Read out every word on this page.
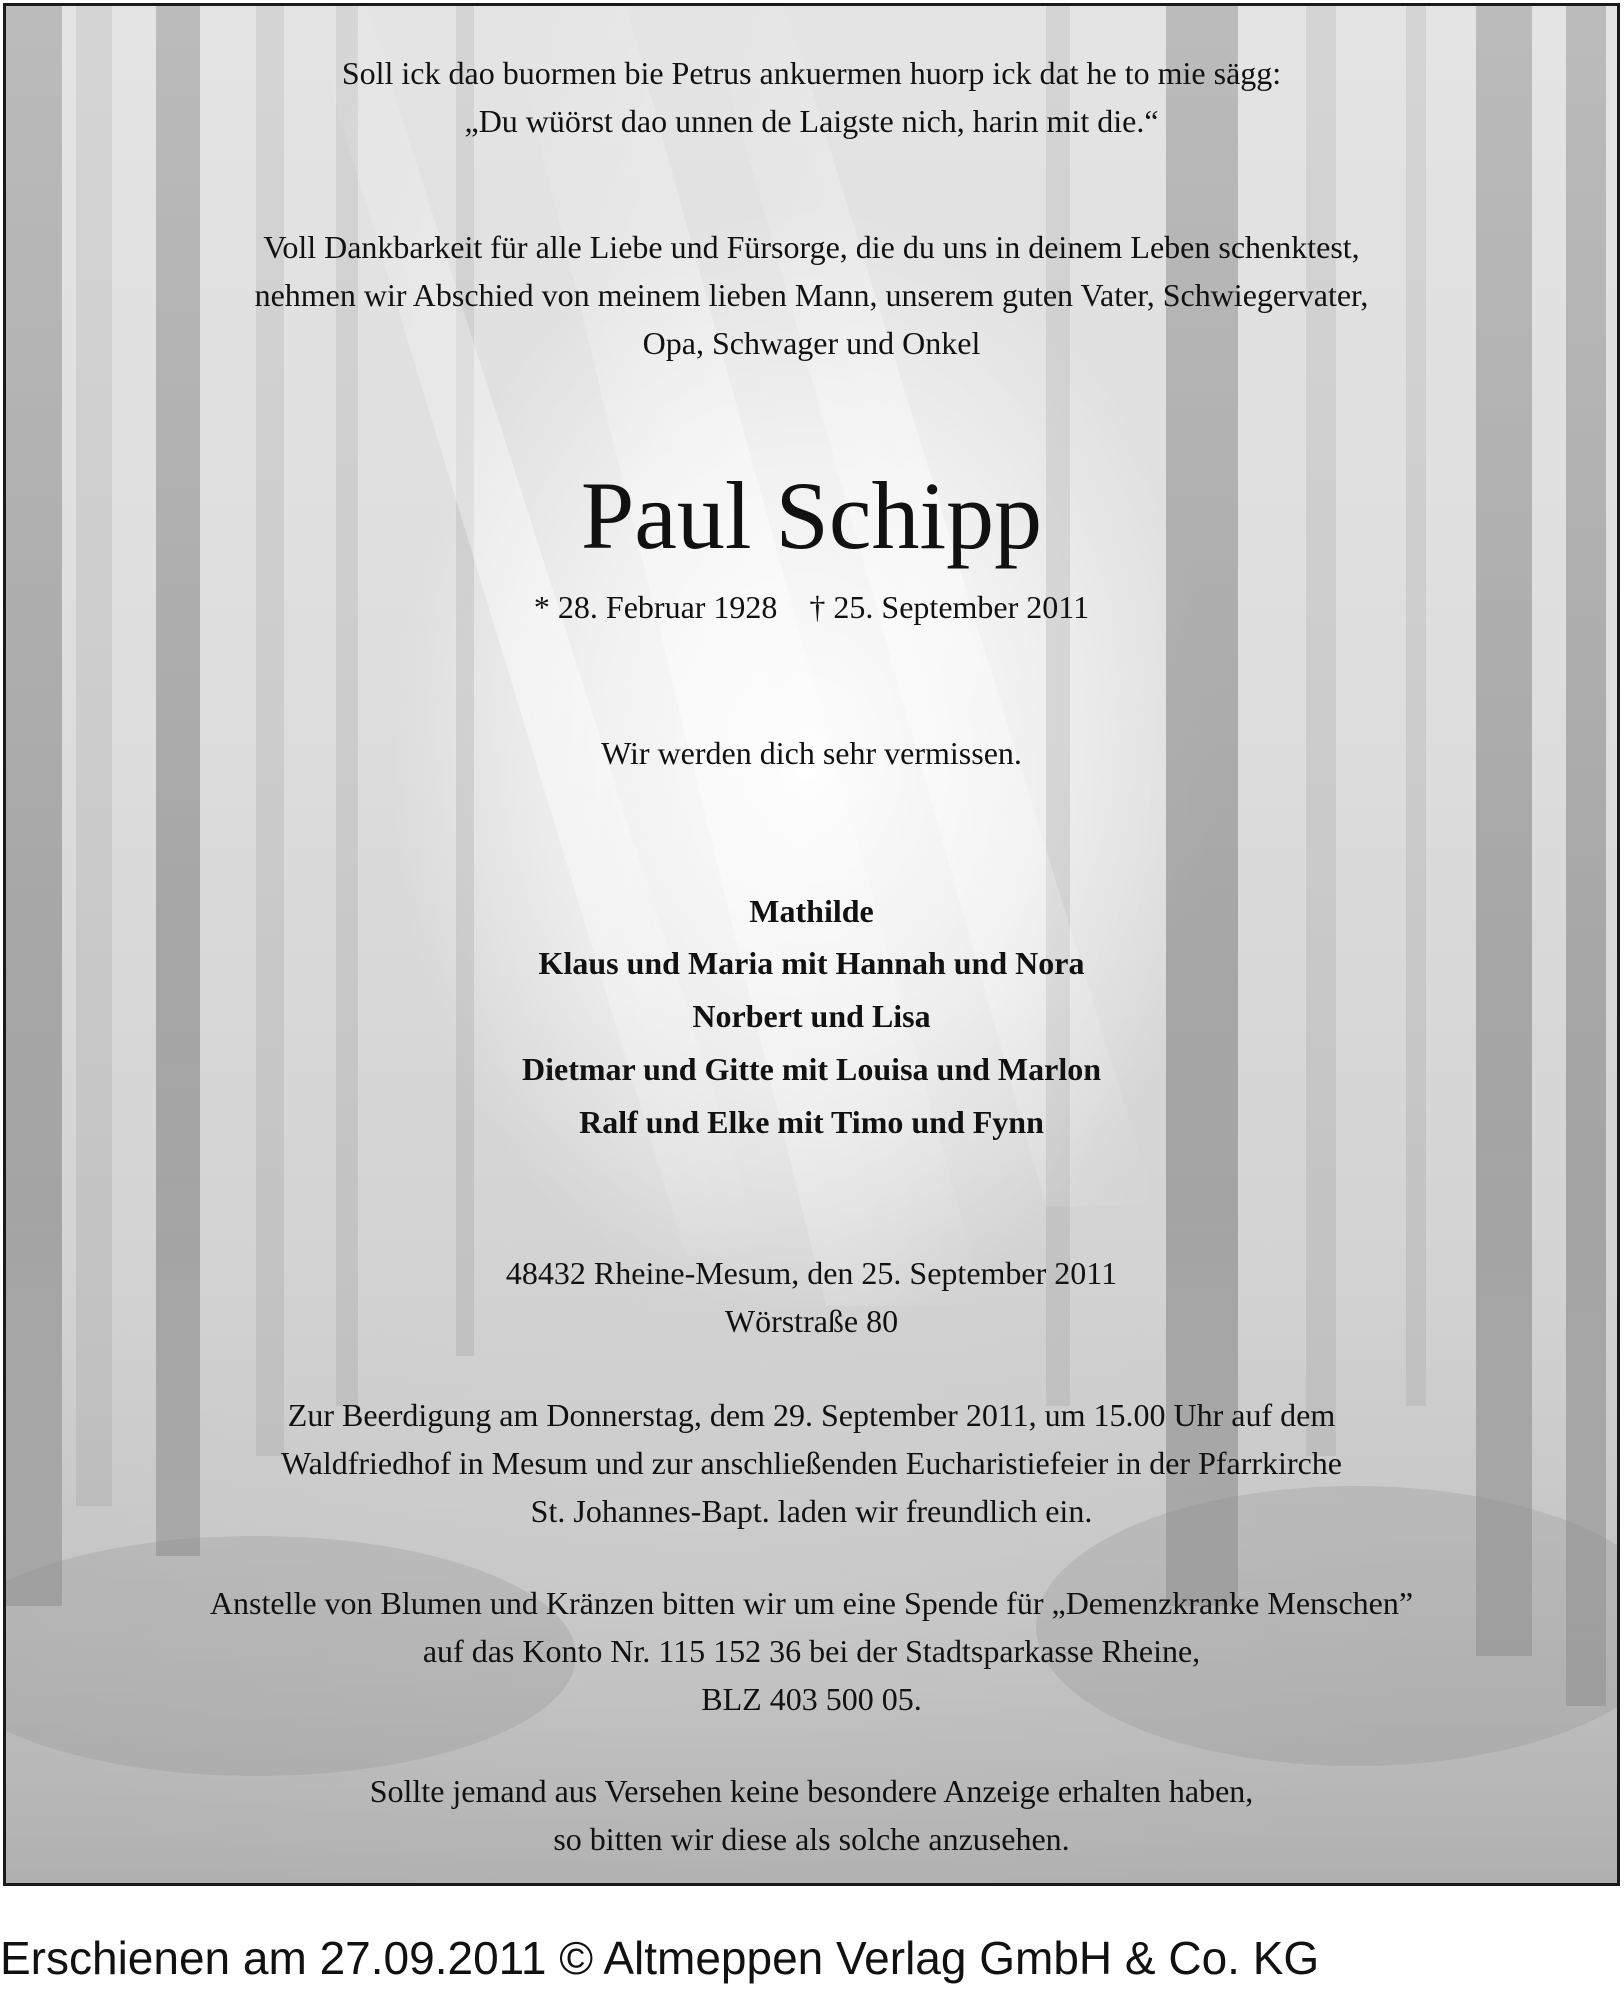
Soll ick dao buormen bie Petrus ankuermen huorp ick dat he to mie sägg:
„Du wüörst dao unnen de Laigste nich, harin mit die.“
Voll Dankbarkeit für alle Liebe und Fürsorge, die du uns in deinem Leben schenktest,
nehmen wir Abschied von meinem lieben Mann, unserem guten Vater, Schwiegervater,
Opa, Schwager und Onkel
Paul Schipp
* 28. Februar 1928    † 25. September 2011
Wir werden dich sehr vermissen.
Mathilde
Klaus und Maria mit Hannah und Nora
Norbert und Lisa
Dietmar und Gitte mit Louisa und Marlon
Ralf und Elke mit Timo und Fynn
48432 Rheine-Mesum, den 25. September 2011
Wörstraße 80
Zur Beerdigung am Donnerstag, dem 29. September 2011, um 15.00 Uhr auf dem
Waldfriedhof in Mesum und zur anschließenden Eucharistiefeier in der Pfarrkirche
St. Johannes-Bapt. laden wir freundlich ein.
Anstelle von Blumen und Kränzen bitten wir um eine Spende für „Demenzkranke Menschen”
auf das Konto Nr. 115 152 36 bei der Stadtsparkasse Rheine,
BLZ 403 500 05.
Sollte jemand aus Versehen keine besondere Anzeige erhalten haben,
so bitten wir diese als solche anzusehen.
Erschienen am 27.09.2011 © Altmeppen Verlag GmbH & Co. KG
